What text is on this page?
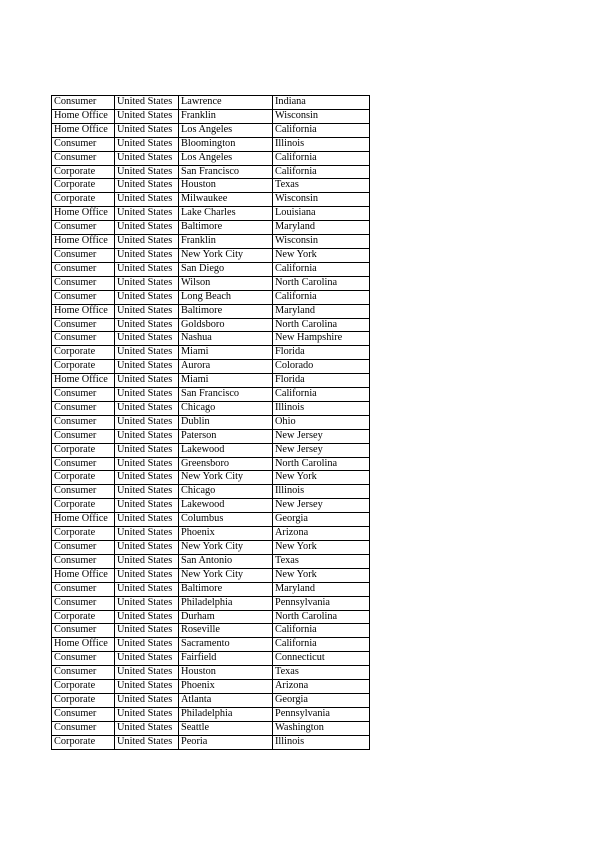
Consumer	United States	Lawrence	Indiana
Home Office	United States	Franklin	Wisconsin
Home Office	United States	Los Angeles	California
Consumer	United States	Bloomington	Illinois
Consumer	United States	Los Angeles	California
Corporate	United States	San Francisco	California
Corporate	United States	Houston	Texas
Corporate	United States	Milwaukee	Wisconsin
Home Office	United States	Lake Charles	Louisiana
Consumer	United States	Baltimore	Maryland
Home Office	United States	Franklin	Wisconsin
Consumer	United States	New York City	New York
Consumer	United States	San Diego	California
Consumer	United States	Wilson	North Carolina
Consumer	United States	Long Beach	California
Home Office	United States	Baltimore	Maryland
Consumer	United States	Goldsboro	North Carolina
Consumer	United States	Nashua	New Hampshire
Corporate	United States	Miami	Florida
Corporate	United States	Aurora	Colorado
Home Office	United States	Miami	Florida
Consumer	United States	San Francisco	California
Consumer	United States	Chicago	Illinois
Consumer	United States	Dublin	Ohio
Consumer	United States	Paterson	New Jersey
Corporate	United States	Lakewood	New Jersey
Consumer	United States	Greensboro	North Carolina
Corporate	United States	New York City	New York
Consumer	United States	Chicago	Illinois
Corporate	United States	Lakewood	New Jersey
Home Office	United States	Columbus	Georgia
Corporate	United States	Phoenix	Arizona
Consumer	United States	New York City	New York
Consumer	United States	San Antonio	Texas
Home Office	United States	New York City	New York
Consumer	United States	Baltimore	Maryland
Consumer	United States	Philadelphia	Pennsylvania
Corporate	United States	Durham	North Carolina
Consumer	United States	Roseville	California
Home Office	United States	Sacramento	California
Consumer	United States	Fairfield	Connecticut
Consumer	United States	Houston	Texas
Corporate	United States	Phoenix	Arizona
Corporate	United States	Atlanta	Georgia
Consumer	United States	Philadelphia	Pennsylvania
Consumer	United States	Seattle	Washington
Corporate	United States	Peoria	Illinois
